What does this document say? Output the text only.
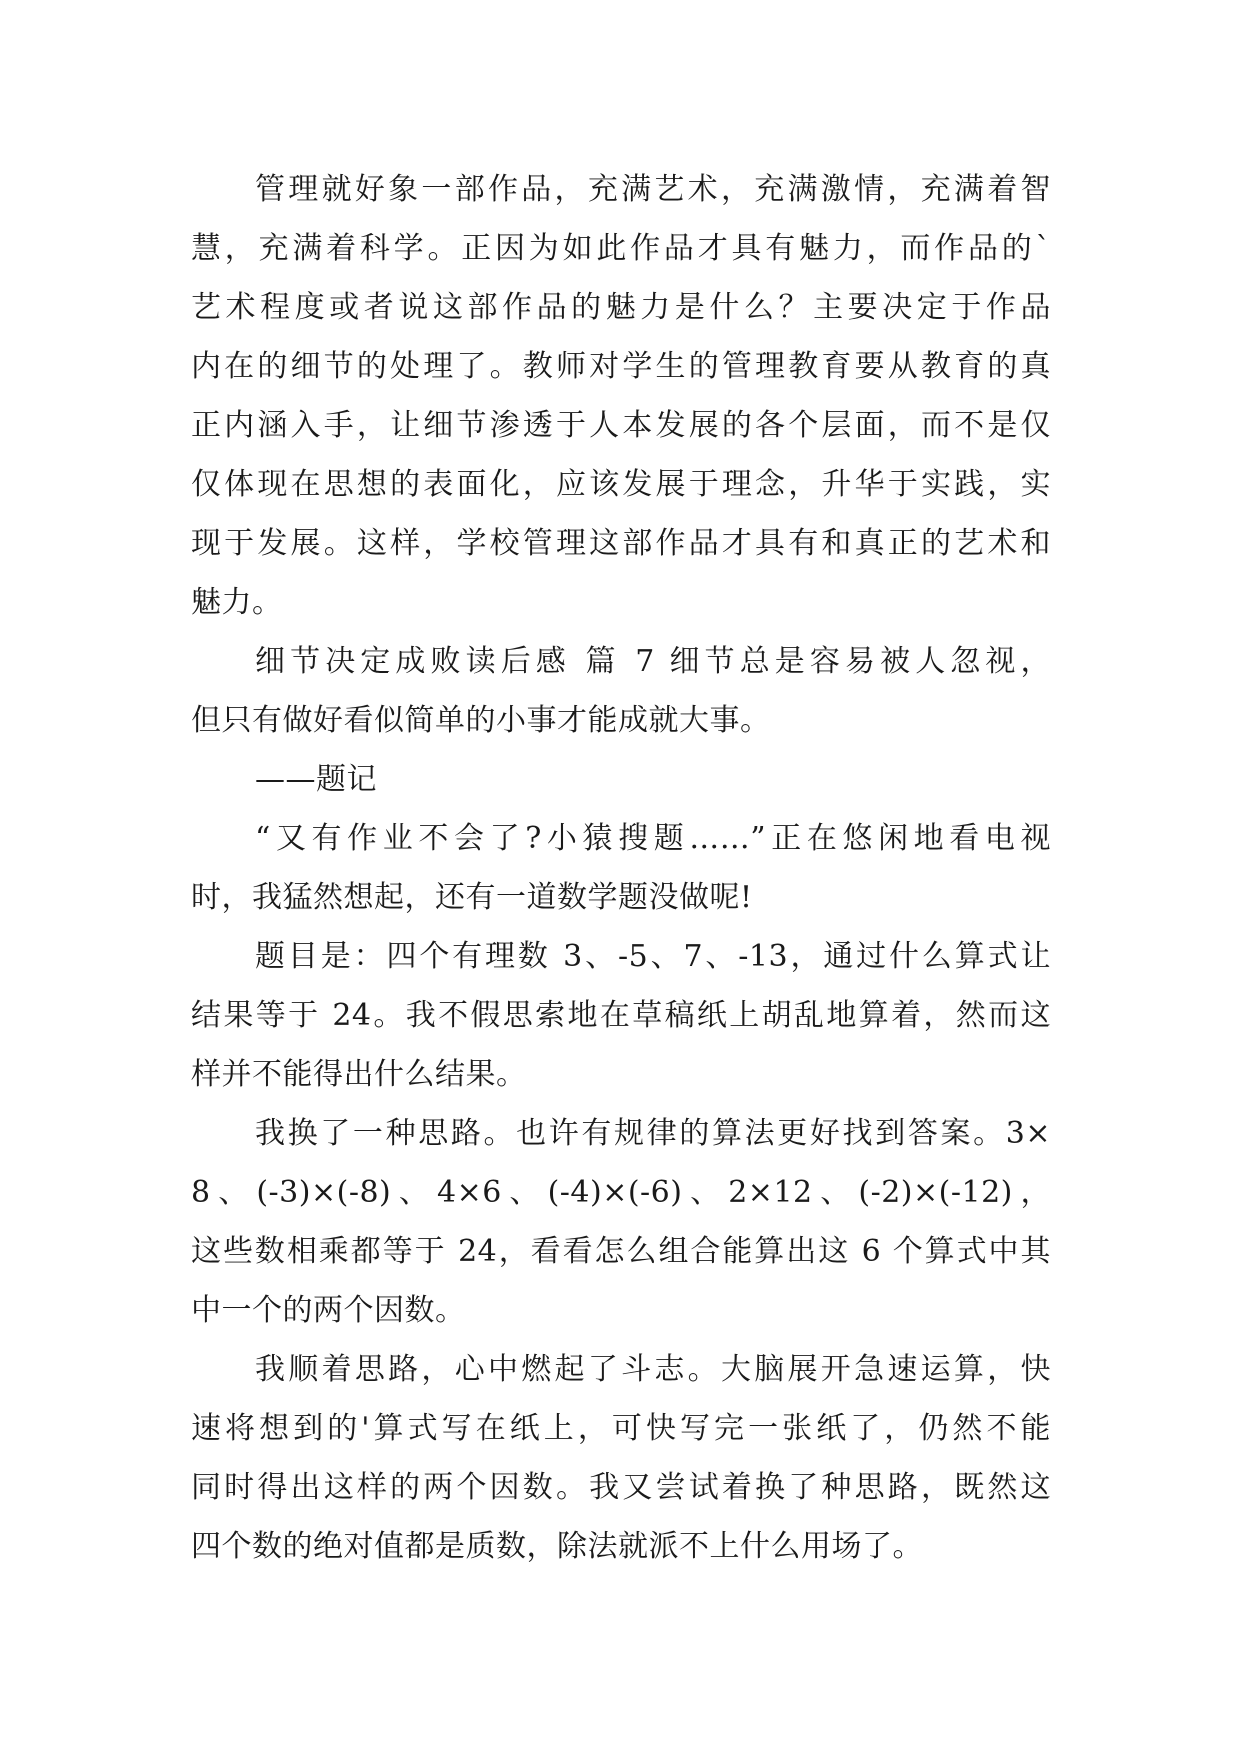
管理就好象一部作品，充满艺术，充满激情，充满着智
慧，充满着科学。正因为如此作品才具有魅力，而作品的`
艺术程度或者说这部作品的魅力是什么？主要决定于作品
内在的细节的处理了。教师对学生的管理教育要从教育的真
正内涵入手，让细节渗透于人本发展的各个层面，而不是仅
仅体现在思想的表面化，应该发展于理念，升华于实践，实
现于发展。这样，学校管理这部作品才具有和真正的艺术和
魅力。
细节决定成败读后感 篇 7 细节总是容易被人忽视，
但只有做好看似简单的小事才能成就大事。
——题记
“又有作业不会了?小猿搜题……”正在悠闲地看电视
时，我猛然想起，还有一道数学题没做呢!
题目是：四个有理数 3、-5、7、-13，通过什么算式让
结果等于 24。我不假思索地在草稿纸上胡乱地算着，然而这
样并不能得出什么结果。
我换了一种思路。也许有规律的算法更好找到答案。3×
8、(-3)×(-8)、4×6、(-4)×(-6)、2×12、(-2)×(-12)，
这些数相乘都等于 24，看看怎么组合能算出这 6 个算式中其
中一个的两个因数。
我顺着思路，心中燃起了斗志。大脑展开急速运算，快
速将想到的'算式写在纸上，可快写完一张纸了，仍然不能
同时得出这样的两个因数。我又尝试着换了种思路，既然这
四个数的绝对值都是质数，除法就派不上什么用场了。
